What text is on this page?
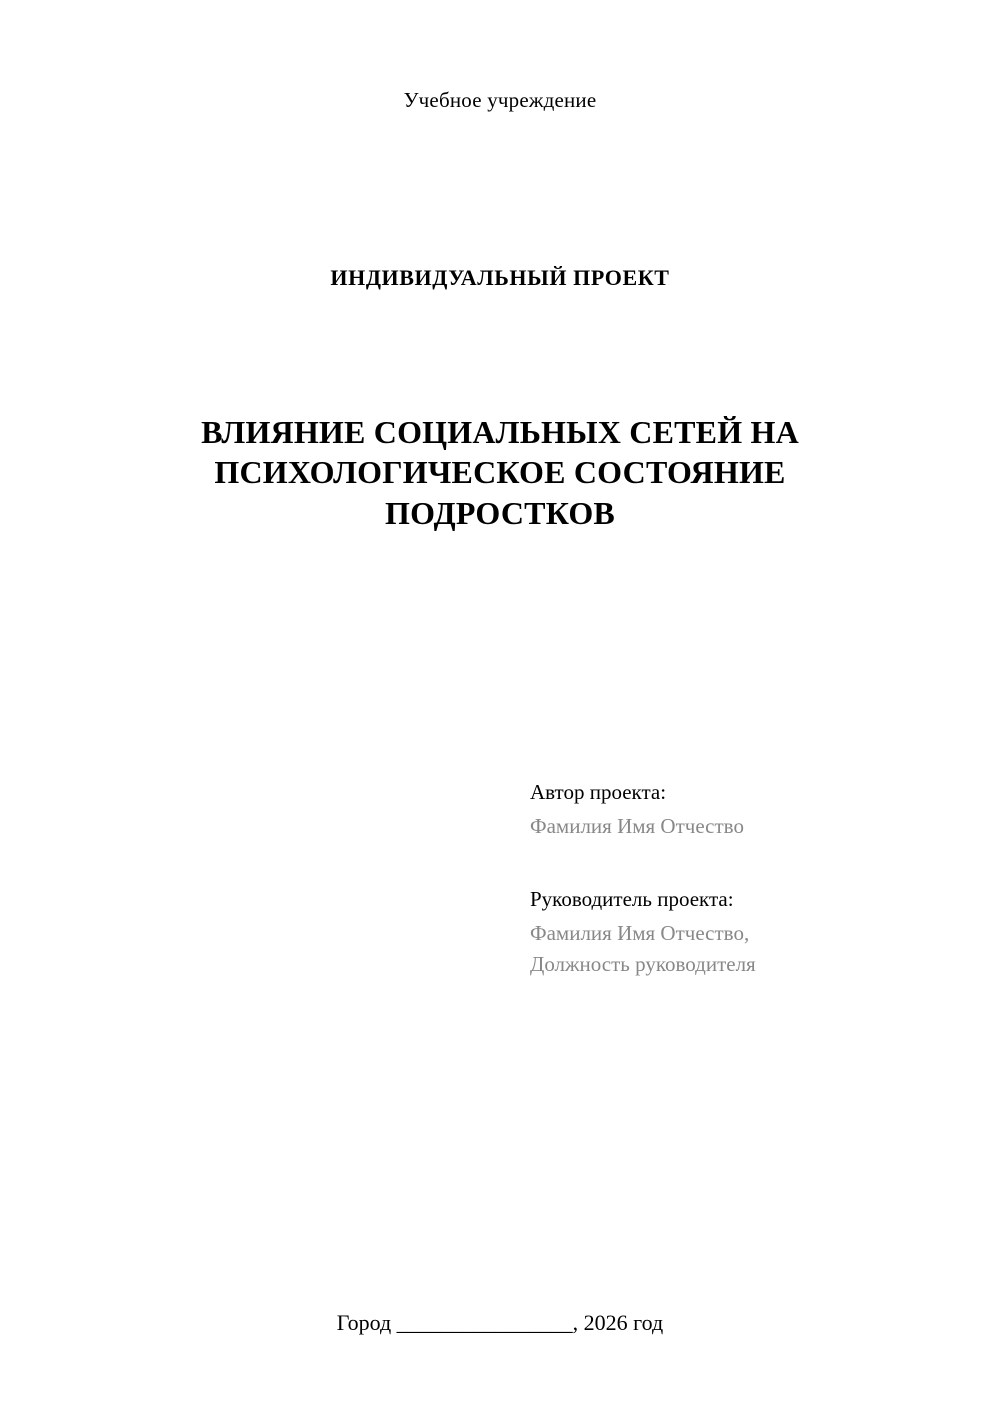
Учебное учреждение
ИНДИВИДУАЛЬНЫЙ ПРОЕКТ
ВЛИЯНИЕ СОЦИАЛЬНЫХ СЕТЕЙ НА ПСИХОЛОГИЧЕСКОЕ СОСТОЯНИЕ ПОДРОСТКОВ
Автор проекта:
Фамилия Имя Отчество
Руководитель проекта:
Фамилия Имя Отчество,
Должность руководителя
Город ________________, 2026 год
